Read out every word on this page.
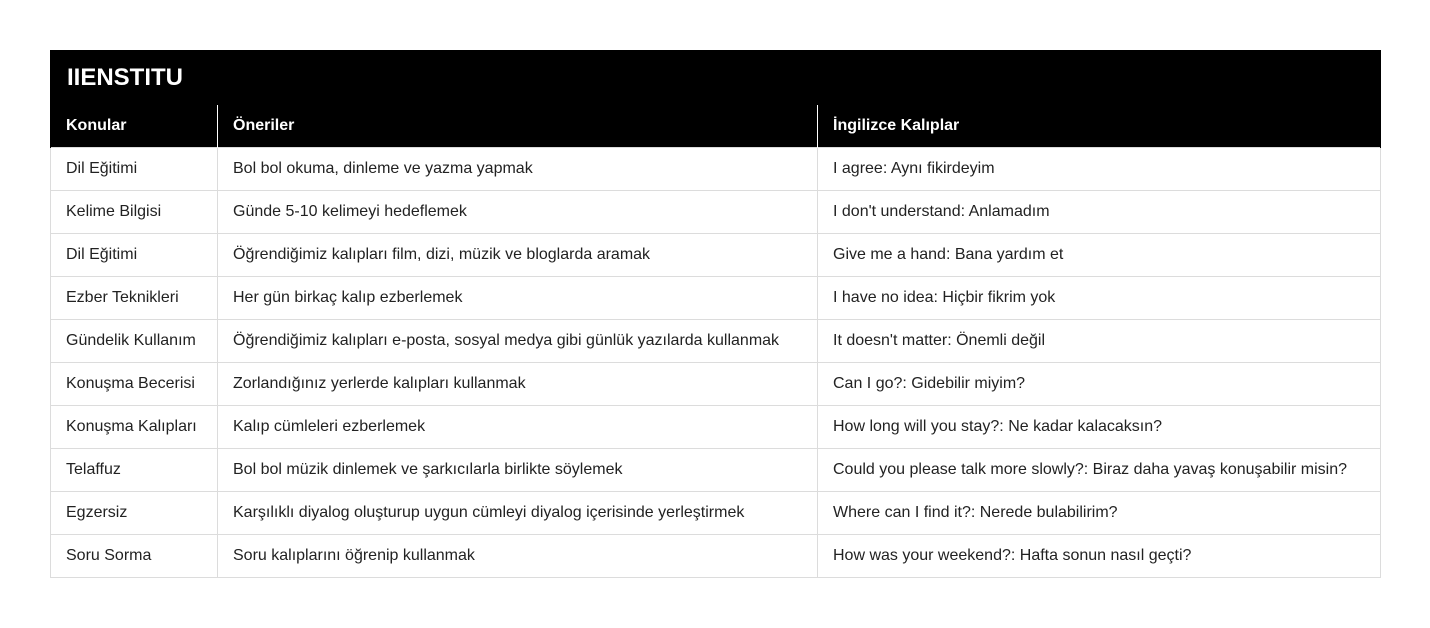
IIENSTITU		
Konular	Öneriler	İngilizce Kalıplar
Dil Eğitimi	Bol bol okuma, dinleme ve yazma yapmak	I agree: Aynı fikirdeyim
Kelime Bilgisi	Günde 5-10 kelimeyi hedeflemek	I don't understand: Anlamadım
Dil Eğitimi	Öğrendiğimiz kalıpları film, dizi, müzik ve bloglarda aramak	Give me a hand: Bana yardım et
Ezber Teknikleri	Her gün birkaç kalıp ezberlemek	I have no idea: Hiçbir fikrim yok
Gündelik Kullanım	Öğrendiğimiz kalıpları e-posta, sosyal medya gibi günlük yazılarda kullanmak	It doesn't matter: Önemli değil
Konuşma Becerisi	Zorlandığınız yerlerde kalıpları kullanmak	Can I go?: Gidebilir miyim?
Konuşma Kalıpları	Kalıp cümleleri ezberlemek	How long will you stay?: Ne kadar kalacaksın?
Telaffuz	Bol bol müzik dinlemek ve şarkıcılarla birlikte söylemek	Could you please talk more slowly?: Biraz daha yavaş konuşabilir misin?
Egzersiz	Karşılıklı diyalog oluşturup uygun cümleyi diyalog içerisinde yerleştirmek	Where can I find it?: Nerede bulabilirim?
Soru Sorma	Soru kalıplarını öğrenip kullanmak	How was your weekend?: Hafta sonun nasıl geçti?
